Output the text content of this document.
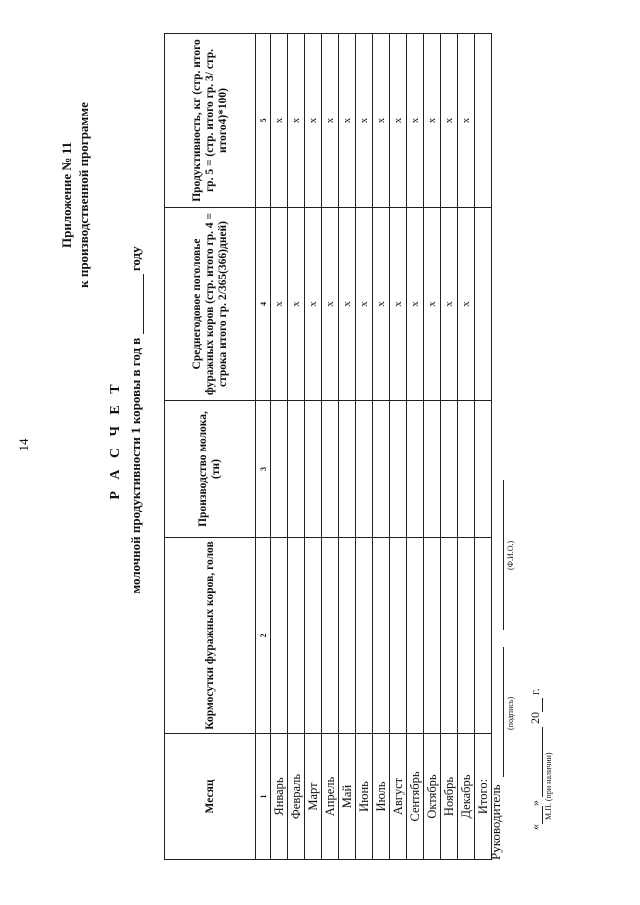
14
Приложение № 11 к производственной программе
Р А С Ч Е Т молочной продуктивности 1 коровы в год в  году
Месяц	Кормосутки фуражных коров, голов	Производство молока, (тн)	Среднегодовое поголовье фуражных коров (стр. итого гр. 4 = строка итого гр. 2/365(366)дней)	Продуктивность, кг (стр. итого гр. 5 = (стр. итого гр. 3/ стр. итого4)*100)
1	2	3	4	5
Январь			x	x
Февраль			x	x
Март			x	x
Апрель			x	x
Май			x	x
Июнь			x	x
Июль			x	x
Август			x	x
Сентябрь			x	x
Октябрь			x	x
Ноябрь			x	x
Декабрь			x	x
Итого:				
Руководитель
(подпись)
(Ф.И.О.)
«»  20 г.
М.П. (при наличии)
